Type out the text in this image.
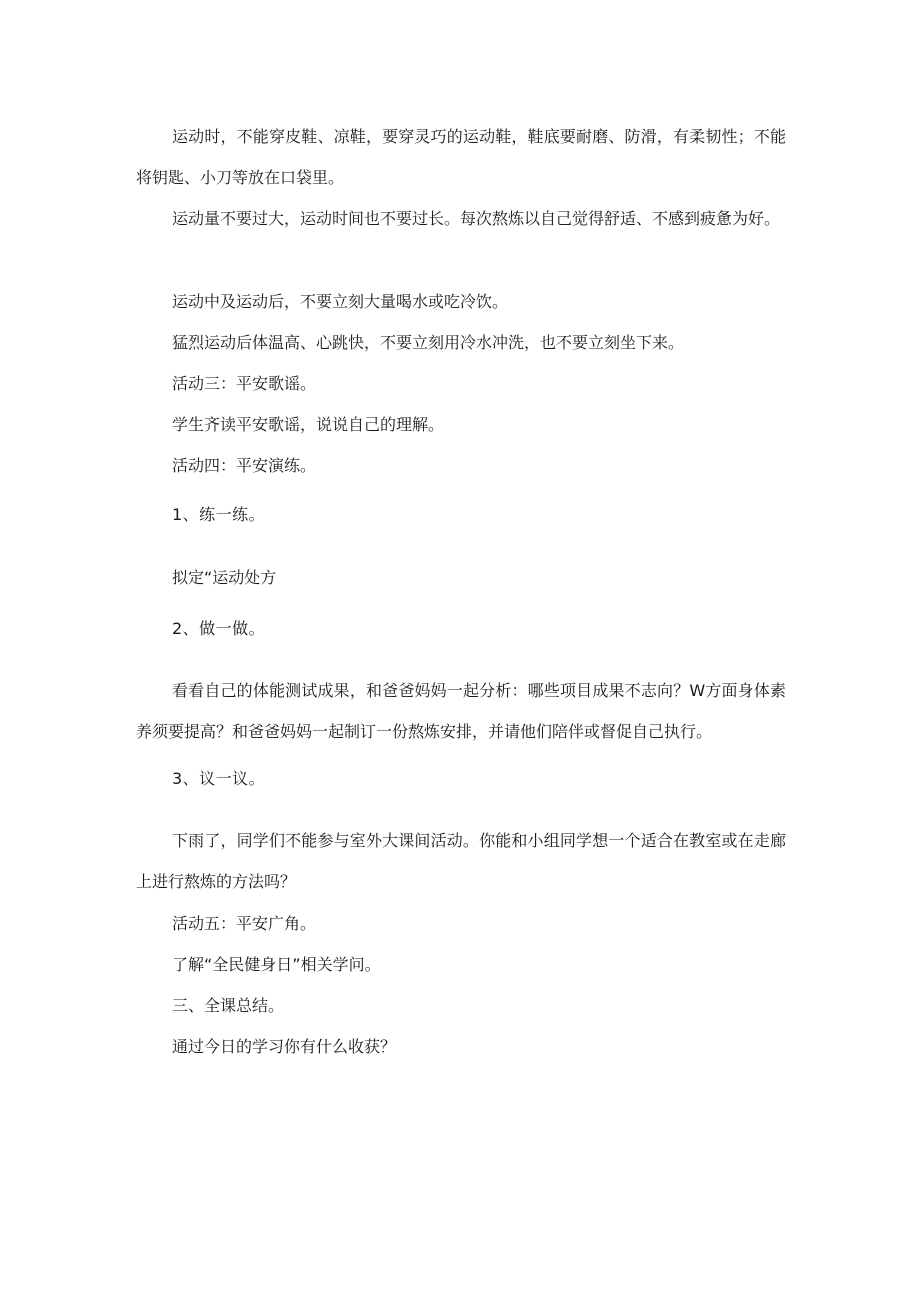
运动时，不能穿皮鞋、凉鞋，要穿灵巧的运动鞋，鞋底要耐磨、防滑，有柔韧性；不能将钥匙、小刀等放在口袋里。
运动量不要过大，运动时间也不要过长。每次熬炼以自己觉得舒适、不感到疲惫为好。
运动中及运动后，不要立刻大量喝水或吃冷饮。
猛烈运动后体温高、心跳快，不要立刻用冷水冲洗，也不要立刻坐下来。
活动三：平安歌谣。
学生齐读平安歌谣，说说自己的理解。
活动四：平安演练。
1、练一练。
拟定“运动处方
2、做一做。
看看自己的体能测试成果，和爸爸妈妈一起分析：哪些项目成果不志向？W方面身体素养须要提高？和爸爸妈妈一起制订一份熬炼安排，并请他们陪伴或督促自己执行。
3、议一议。
下雨了，同学们不能参与室外大课间活动。你能和小组同学想一个适合在教室或在走廊上进行熬炼的方法吗？
活动五：平安广角。
了解“全民健身日”相关学问。
三、全课总结。
通过今日的学习你有什么收获？
